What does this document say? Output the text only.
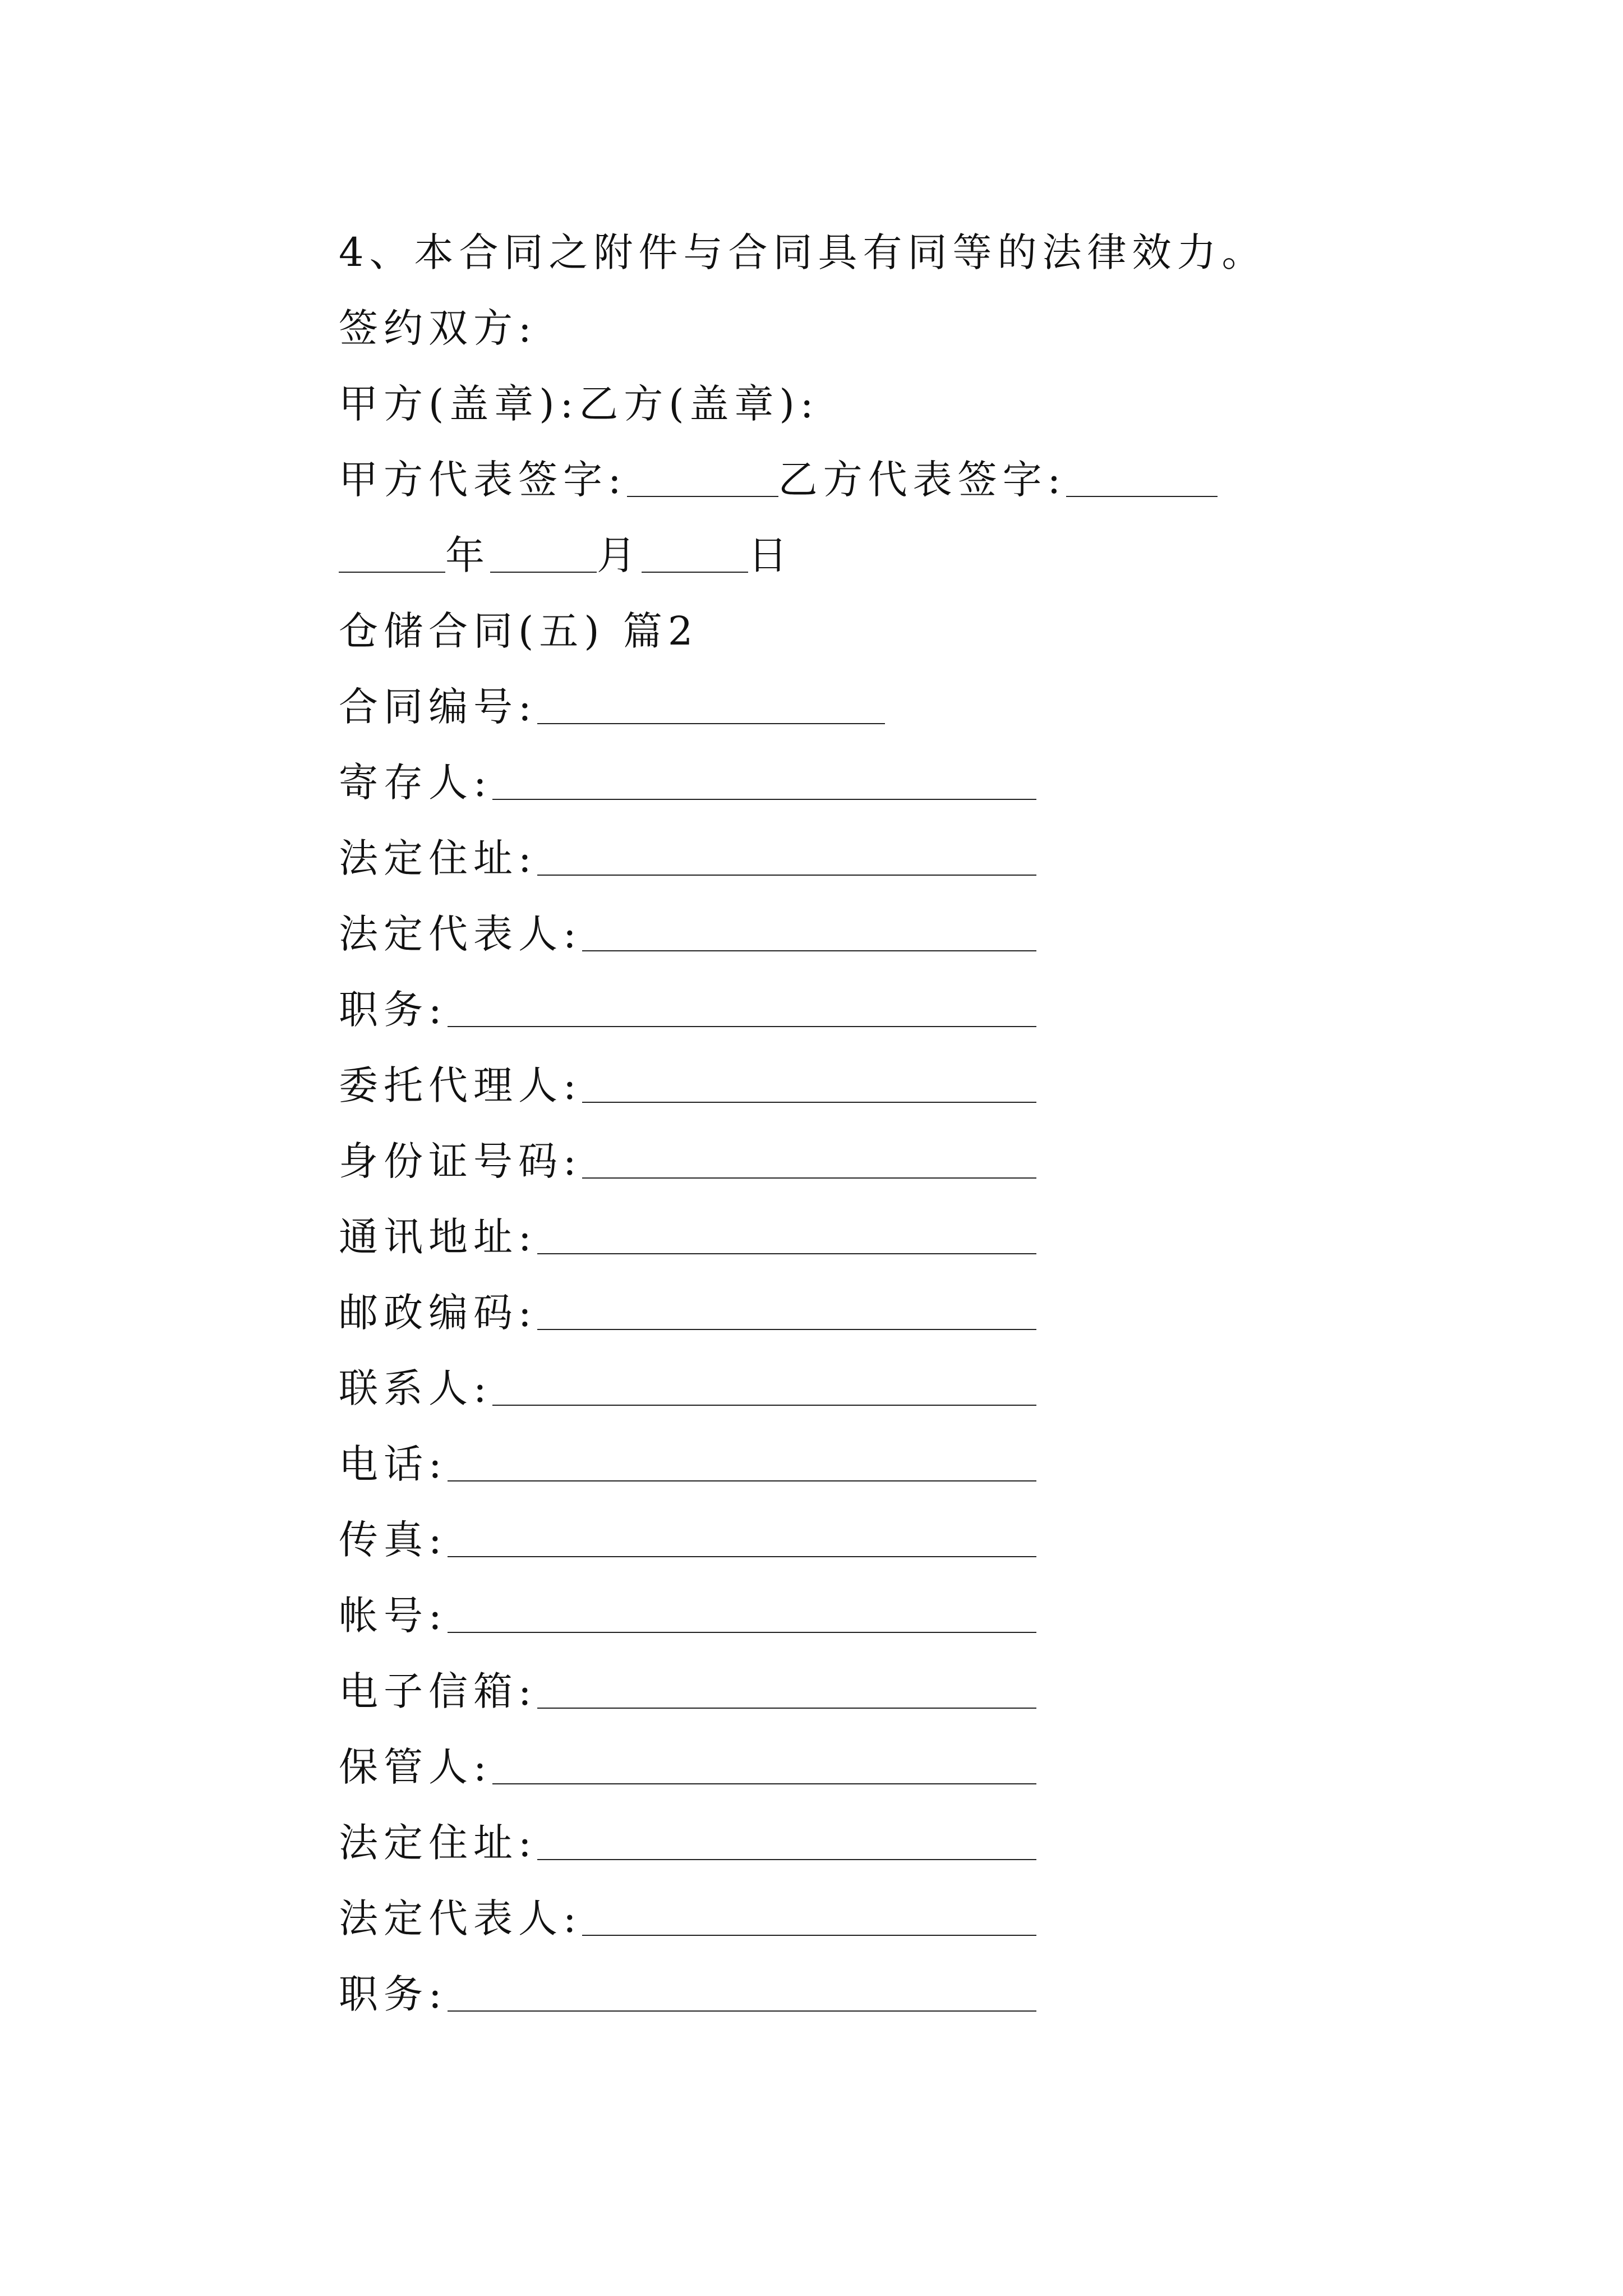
4、本合同之附件与合同具有同等的法律效力。
签约双方:
甲方(盖章):乙方(盖章):
甲方代表签字:	乙方代表签字:
年	月	日
仓储合同(五) 篇2
合同编号:
寄存人:
法定住址:
法定代表人:
职务:
委托代理人:
身份证号码:
通讯地址:
邮政编码:
联系人:
电话:
传真:
帐号:
电子信箱:
保管人:
法定住址:
法定代表人:
职务:
